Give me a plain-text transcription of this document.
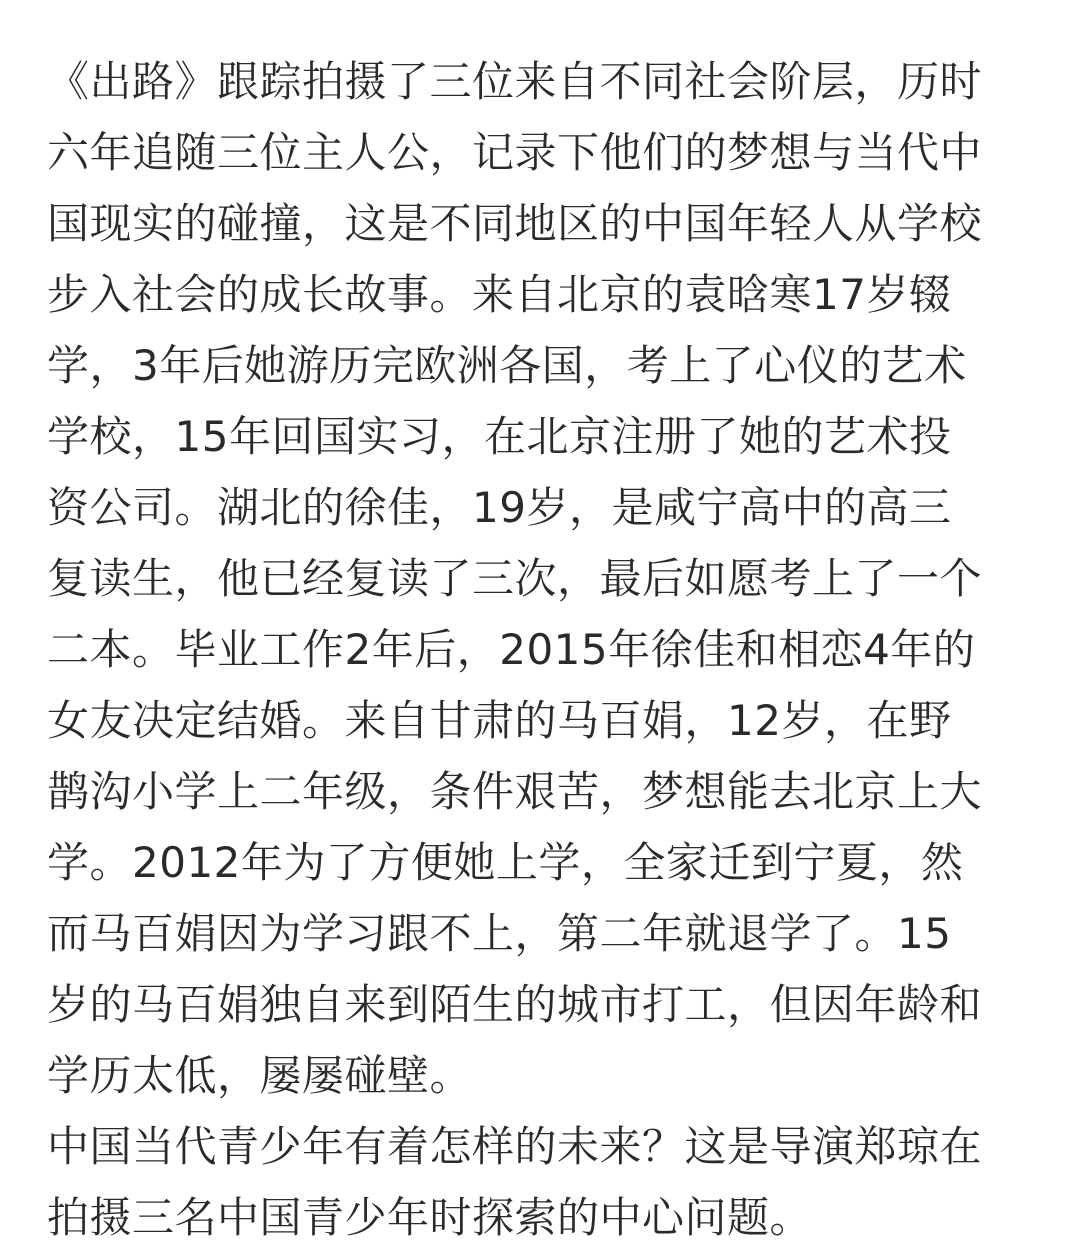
《出路》跟踪拍摄了三位来自不同社会阶层，历时
六年追随三位主人公，记录下他们的梦想与当代中
国现实的碰撞，这是不同地区的中国年轻人从学校
步入社会的成长故事。来自北京的袁晗寒17岁辍
学，3年后她游历完欧洲各国，考上了心仪的艺术
学校，15年回国实习，在北京注册了她的艺术投
资公司。湖北的徐佳，19岁，是咸宁高中的高三
复读生，他已经复读了三次，最后如愿考上了一个
二本。毕业工作2年后，2015年徐佳和相恋4年的
女友决定结婚。来自甘肃的马百娟，12岁，在野
鹊沟小学上二年级，条件艰苦，梦想能去北京上大
学。2012年为了方便她上学，全家迁到宁夏，然
而马百娟因为学习跟不上，第二年就退学了。15
岁的马百娟独自来到陌生的城市打工，但因年龄和
学历太低，屡屡碰壁。
中国当代青少年有着怎样的未来？这是导演郑琼在
拍摄三名中国青少年时探索的中心问题。
